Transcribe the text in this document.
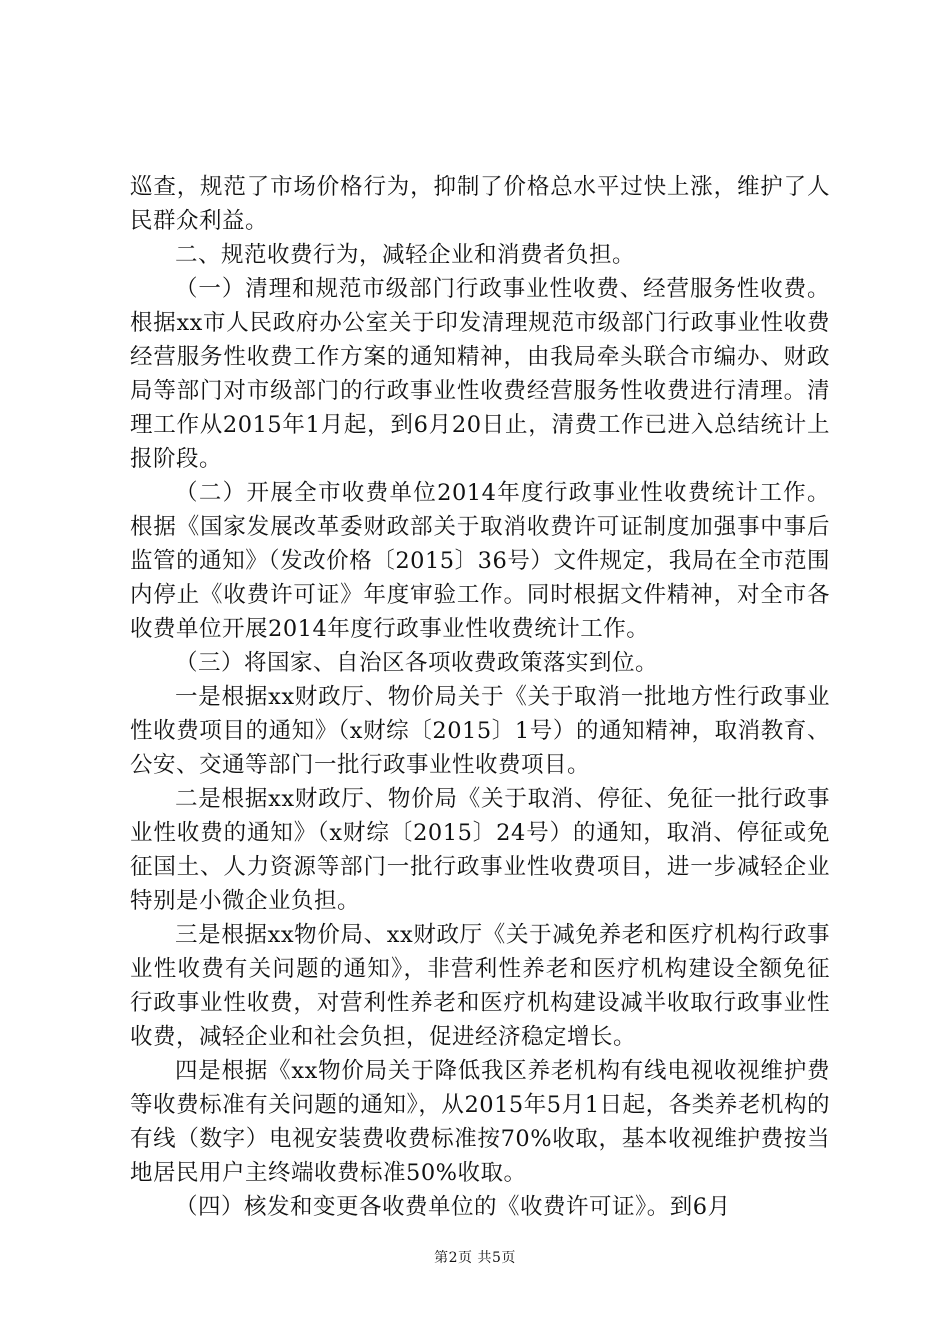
巡查，规范了市场价格行为，抑制了价格总水平过快上涨，维护了人民群众利益。

二、规范收费行为，减轻企业和消费者负担。

（一）清理和规范市级部门行政事业性收费、经营服务性收费。根据xx市人民政府办公室关于印发清理规范市级部门行政事业性收费经营服务性收费工作方案的通知精神，由我局牵头联合市编办、财政局等部门对市级部门的行政事业性收费经营服务性收费进行清理。清理工作从2015年1月起，到6月20日止，清费工作已进入总结统计上报阶段。

（二）开展全市收费单位2014年度行政事业性收费统计工作。根据《国家发展改革委财政部关于取消收费许可证制度加强事中事后监管的通知》（发改价格〔2015〕36号）文件规定，我局在全市范围内停止《收费许可证》年度审验工作。同时根据文件精神，对全市各收费单位开展2014年度行政事业性收费统计工作。

（三）将国家、自治区各项收费政策落实到位。

一是根据xx财政厅、物价局关于《关于取消一批地方性行政事业性收费项目的通知》（x财综〔2015〕1号）的通知精神，取消教育、公安、交通等部门一批行政事业性收费项目。

二是根据xx财政厅、物价局《关于取消、停征、免征一批行政事业性收费的通知》（x财综〔2015〕24号）的通知，取消、停征或免征国土、人力资源等部门一批行政事业性收费项目，进一步减轻企业特别是小微企业负担。

三是根据xx物价局、xx财政厅《关于减免养老和医疗机构行政事业性收费有关问题的通知》，非营利性养老和医疗机构建设全额免征行政事业性收费，对营利性养老和医疗机构建设减半收取行政事业性收费，减轻企业和社会负担，促进经济稳定增长。

四是根据《xx物价局关于降低我区养老机构有线电视收视维护费等收费标准有关问题的通知》，从2015年5月1日起，各类养老机构的有线（数字）电视安装费收费标准按70%收取，基本收视维护费按当地居民用户主终端收费标准50%收取。

（四）核发和变更各收费单位的《收费许可证》。到6月

第2页 共5页
